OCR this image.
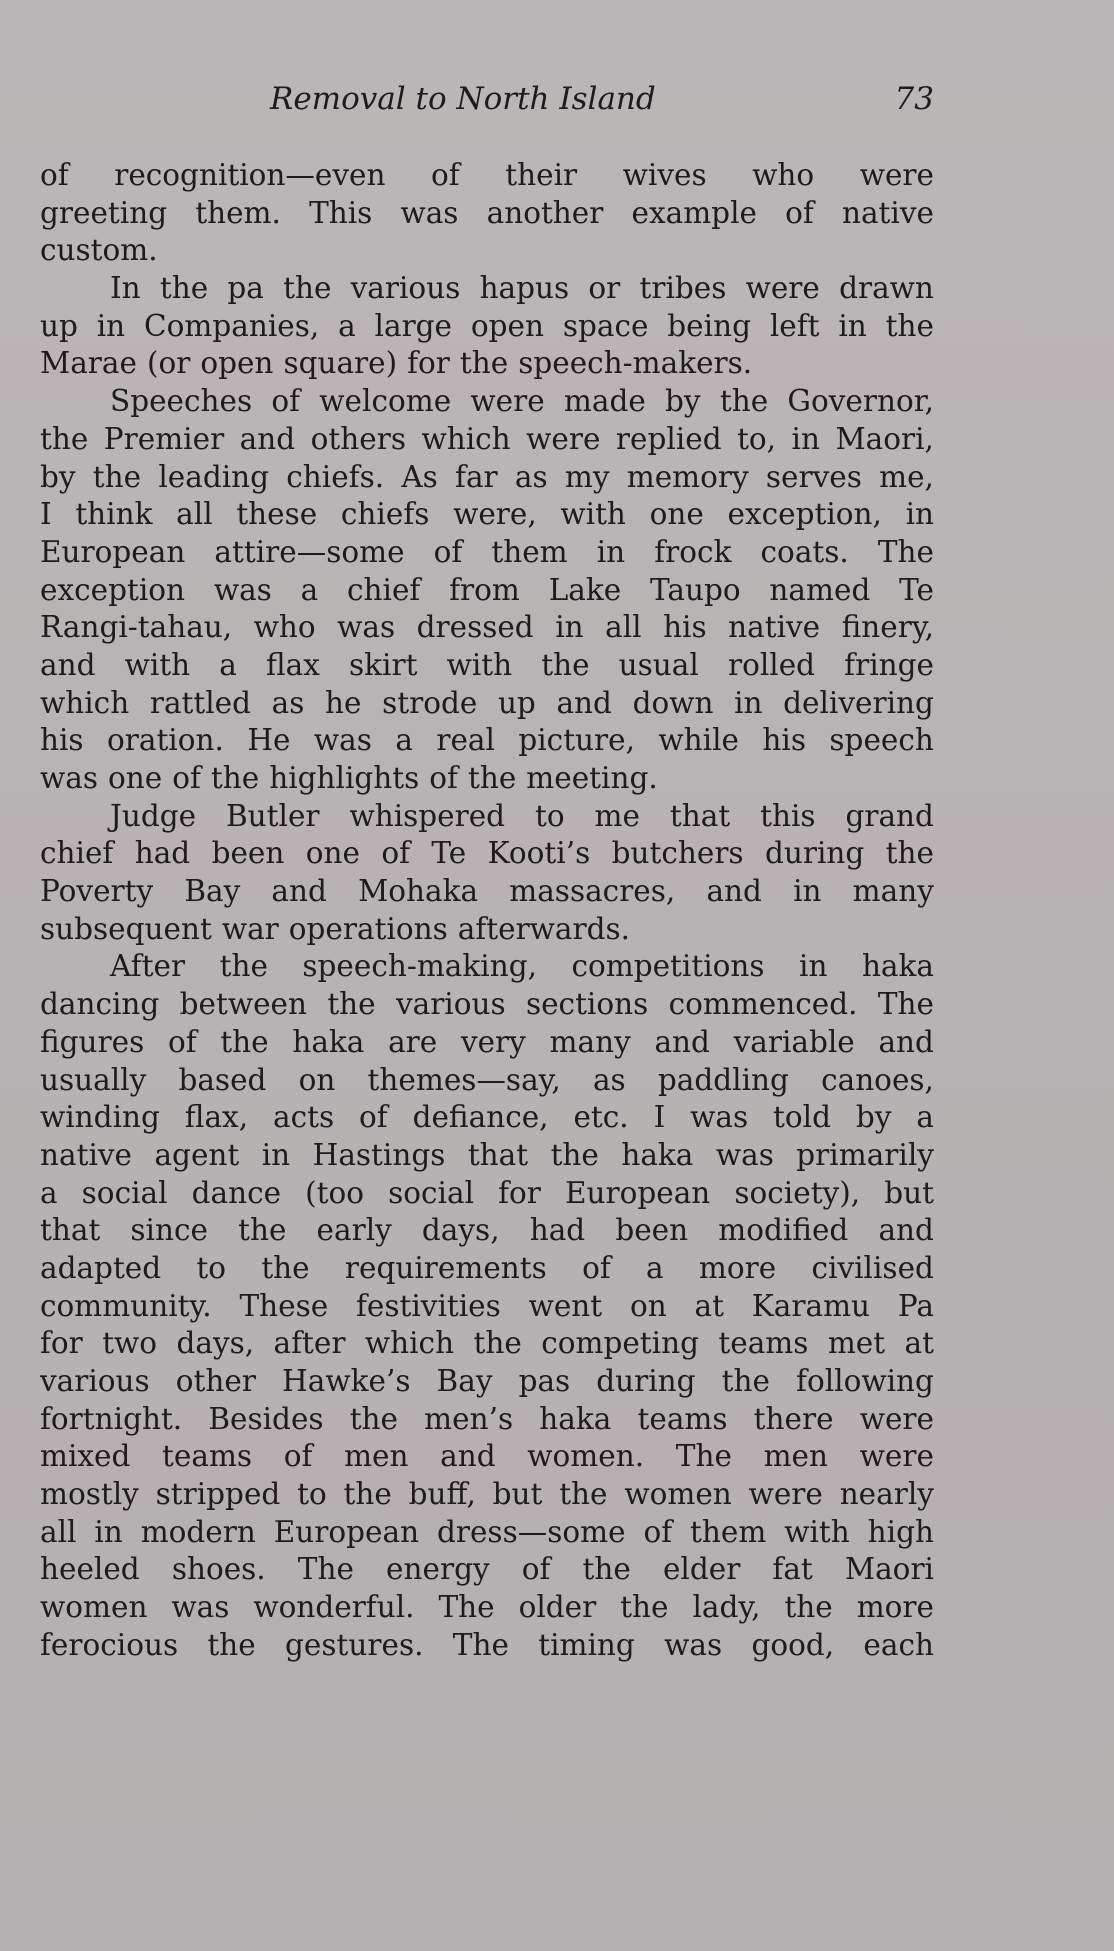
Removal to North Island	73
of recognition—even of their wives who were
greeting them. This was another example of native
custom.
In the pa the various hapus or tribes were drawn
up in Companies, a large open space being left in the
Marae (or open square) for the speech-makers.
Speeches of welcome were made by the Governor,
the Premier and others which were replied to, in Maori,
by the leading chiefs. As far as my memory serves me,
I think all these chiefs were, with one exception, in
European attire—some of them in frock coats. The
exception was a chief from Lake Taupo named Te
Rangi-tahau, who was dressed in all his native finery,
and with a flax skirt with the usual rolled fringe
which rattled as he strode up and down in delivering
his oration. He was a real picture, while his speech
was one of the highlights of the meeting.
Judge Butler whispered to me that this grand
chief had been one of Te Kooti’s butchers during the
Poverty Bay and Mohaka massacres, and in many
subsequent war operations afterwards.
After the speech-making, competitions in haka
dancing between the various sections commenced. The
figures of the haka are very many and variable and
usually based on themes—say, as paddling canoes,
winding flax, acts of defiance, etc. I was told by a
native agent in Hastings that the haka was primarily
a social dance (too social for European society), but
that since the early days, had been modified and
adapted to the requirements of a more civilised
community. These festivities went on at Karamu Pa
for two days, after which the competing teams met at
various other Hawke’s Bay pas during the following
fortnight. Besides the men’s haka teams there were
mixed teams of men and women. The men were
mostly stripped to the buff, but the women were nearly
all in modern European dress—some of them with high
heeled shoes. The energy of the elder fat Maori
women was wonderful. The older the lady, the more
ferocious the gestures. The timing was good, each
